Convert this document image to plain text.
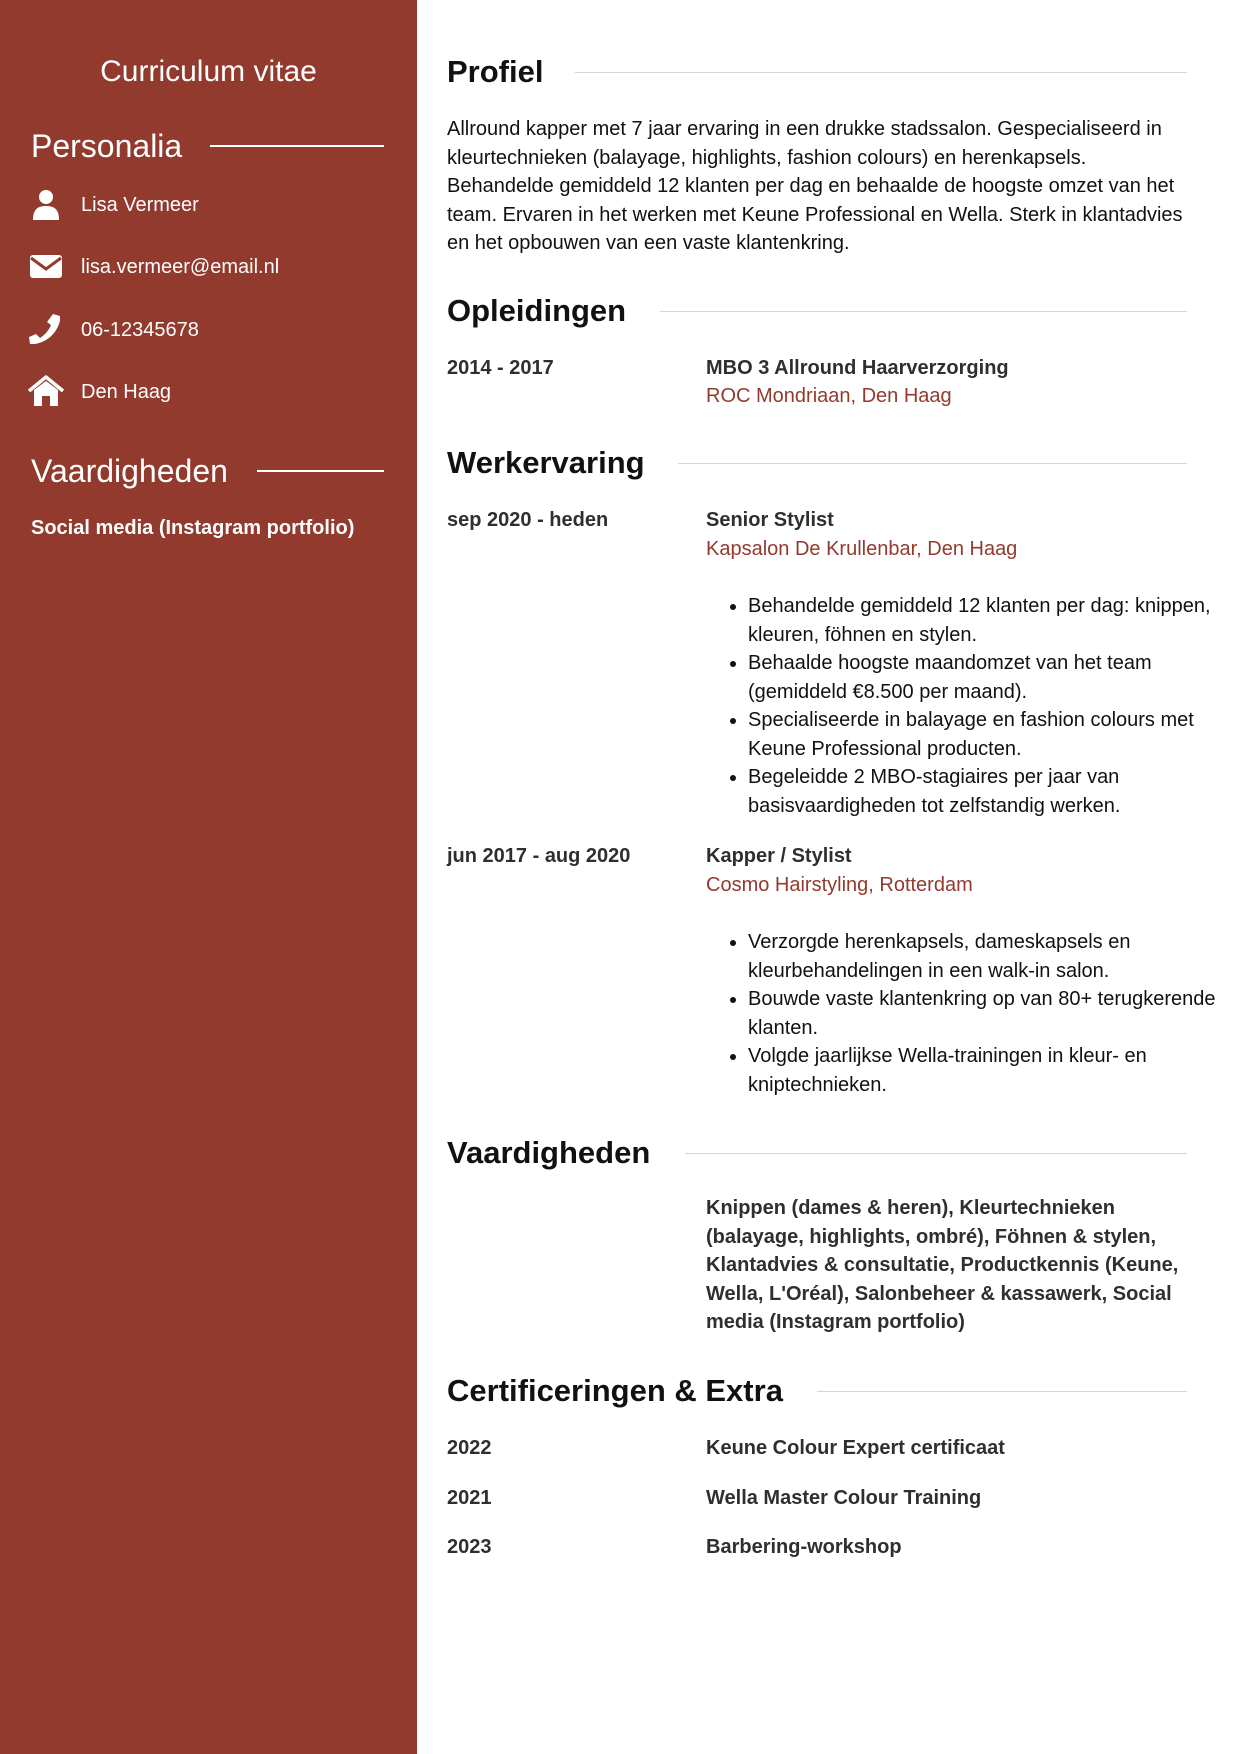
Curriculum vitae
Personalia
Lisa Vermeer
lisa.vermeer@email.nl
06-12345678
Den Haag
Vaardigheden
Social media (Instagram portfolio)
Profiel
Allround kapper met 7 jaar ervaring in een drukke stadssalon. Gespecialiseerd in kleurtechnieken (balayage, highlights, fashion colours) en herenkapsels. Behandelde gemiddeld 12 klanten per dag en behaalde de hoogste omzet van het team. Ervaren in het werken met Keune Professional en Wella. Sterk in klantadvies en het opbouwen van een vaste klantenkring.
Opleidingen
2014 - 2017	MBO 3 Allround Haarverzorging
ROC Mondriaan, Den Haag
Werkervaring
sep 2020 - heden	Senior Stylist
Kapsalon De Krullenbar, Den Haag
• Behandelde gemiddeld 12 klanten per dag: knippen, kleuren, föhnen en stylen.
• Behaalde hoogste maandomzet van het team (gemiddeld €8.500 per maand).
• Specialiseerde in balayage en fashion colours met Keune Professional producten.
• Begeleidde 2 MBO-stagiaires per jaar van basisvaardigheden tot zelfstandig werken.
jun 2017 - aug 2020	Kapper / Stylist
Cosmo Hairstyling, Rotterdam
• Verzorgde herenkapsels, dameskapsels en kleurbehandelingen in een walk-in salon.
• Bouwde vaste klantenkring op van 80+ terugkerende klanten.
• Volgde jaarlijkse Wella-trainingen in kleur- en kniptechnieken.
Vaardigheden
Knippen (dames & heren), Kleurtechnieken (balayage, highlights, ombré), Föhnen & stylen, Klantadvies & consultatie, Productkennis (Keune, Wella, L'Oréal), Salonbeheer & kassawerk, Social media (Instagram portfolio)
Certificeringen & Extra
2022	Keune Colour Expert certificaat
2021	Wella Master Colour Training
2023	Barbering-workshop
